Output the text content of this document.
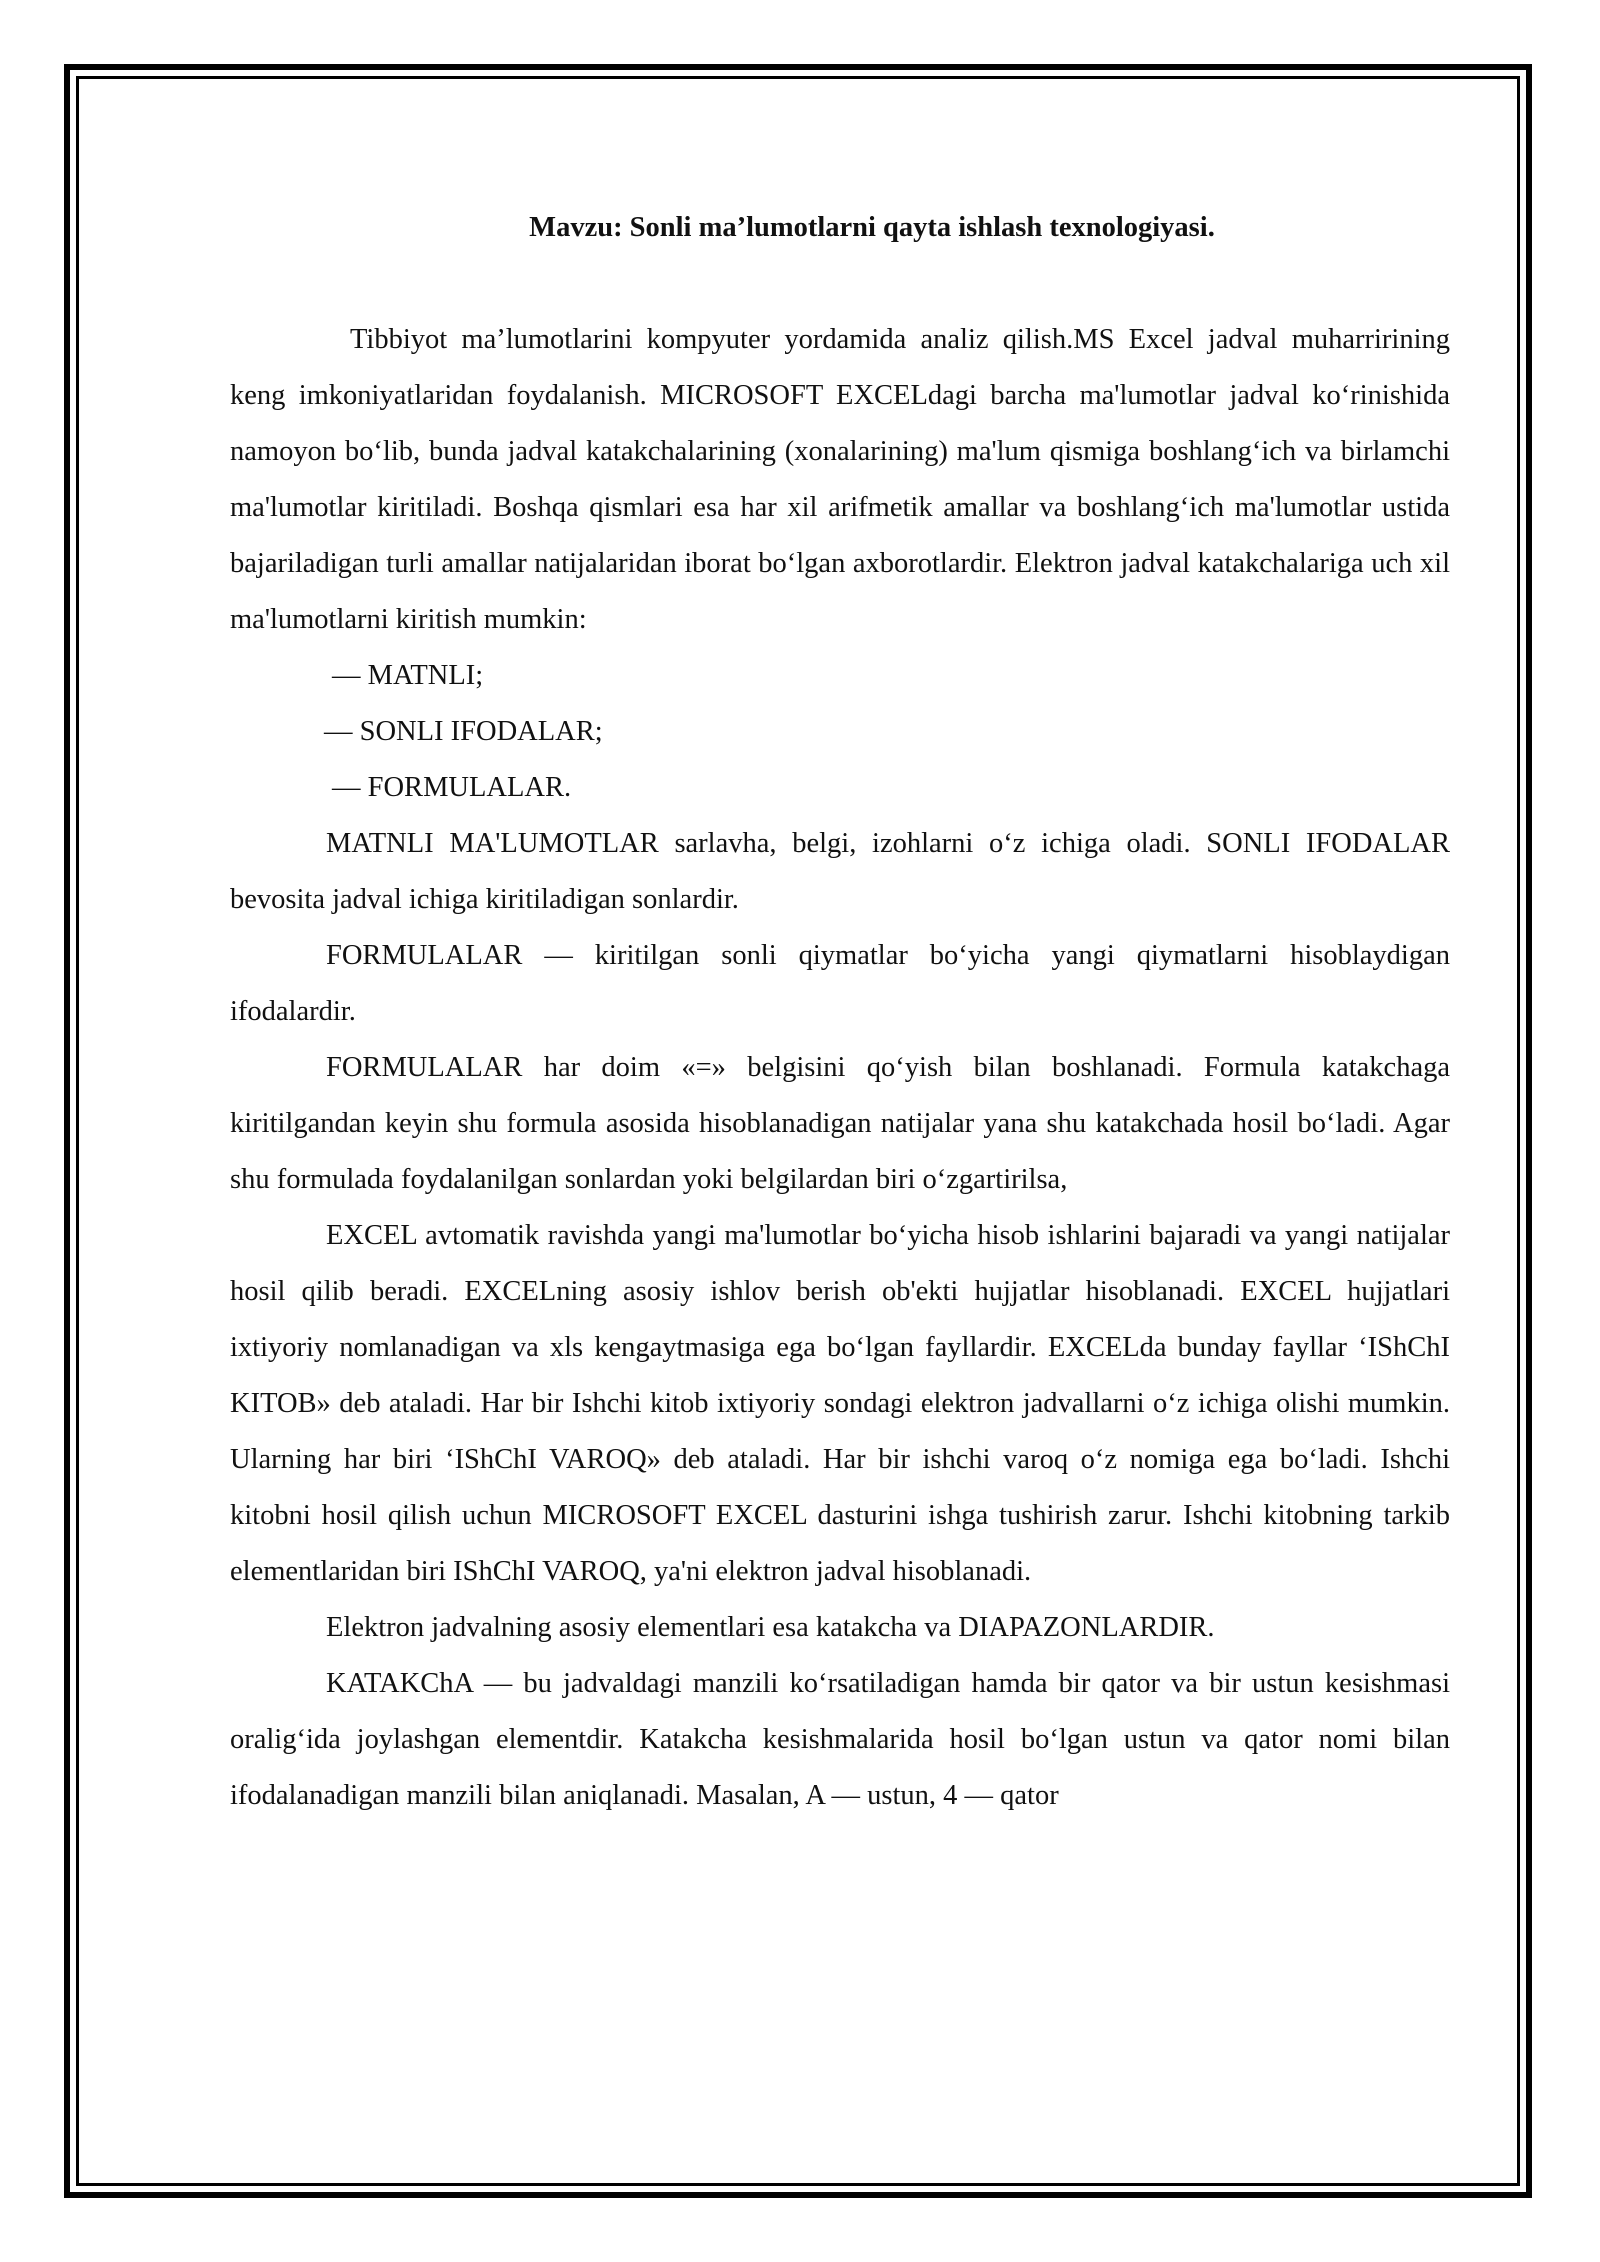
Mavzu: Sonli ma’lumotlarni qayta ishlash texnologiyasi.

Tibbiyot ma’lumotlarini kompyuter yordamida analiz qilish.MS Excel jadval muharririning keng imkoniyatlaridan foydalanish. MICROSOFT EXCELdagi barcha ma'lumotlar jadval ko‘rinishida namoyon bo‘lib, bunda jadval katakchalarining (xonalarining) ma'lum qismiga boshlang‘ich va birlamchi ma'lumotlar kiritiladi. Boshqa qismlari esa har xil arifmetik amallar va boshlang‘ich ma'lumotlar ustida bajariladigan turli amallar natijalaridan iborat bo‘lgan axborotlardir. Elektron jadval katakchalariga uch xil ma'lumotlarni kiritish mumkin:

— MATNLI;

— SONLI IFODALAR;

— FORMULALAR.

MATNLI MA'LUMOTLAR sarlavha, belgi, izohlarni o‘z ichiga oladi. SONLI IFODALAR bevosita jadval ichiga kiritiladigan sonlardir.

FORMULALAR — kiritilgan sonli qiymatlar bo‘yicha yangi qiymatlarni hisoblaydigan ifodalardir.

FORMULALAR har doim «=» belgisini qo‘yish bilan boshlanadi. Formula katakchaga kiritilgandan keyin shu formula asosida hisoblanadigan natijalar yana shu katakchada hosil bo‘ladi. Agar shu formulada foydalanilgan sonlardan yoki belgilardan biri o‘zgartirilsa,

EXCEL avtomatik ravishda yangi ma'lumotlar bo‘yicha hisob ishlarini bajaradi va yangi natijalar hosil qilib beradi. EXCELning asosiy ishlov berish ob'ekti hujjatlar hisoblanadi. EXCEL hujjatlari ixtiyoriy nomlanadigan va xls kengaytmasiga ega bo‘lgan fayllardir. EXCELda bunday fayllar ‘IShChI KITOB» deb ataladi. Har bir Ishchi kitob ixtiyoriy sondagi elektron jadvallarni o‘z ichiga olishi mumkin. Ularning har biri ‘IShChI VAROQ» deb ataladi. Har bir ishchi varoq o‘z nomiga ega bo‘ladi. Ishchi kitobni hosil qilish uchun MICROSOFT EXCEL dasturini ishga tushirish zarur. Ishchi kitobning tarkib elementlaridan biri IShChI VAROQ, ya'ni elektron jadval hisoblanadi.

Elektron jadvalning asosiy elementlari esa katakcha va DIAPAZONLARDIR.

KATAKChA — bu jadvaldagi manzili ko‘rsatiladigan hamda bir qator va bir ustun kesishmasi oralig‘ida joylashgan elementdir. Katakcha kesishmalarida hosil bo‘lgan ustun va qator nomi bilan ifodalanadigan manzili bilan aniqlanadi. Masalan, A — ustun, 4 — qator
